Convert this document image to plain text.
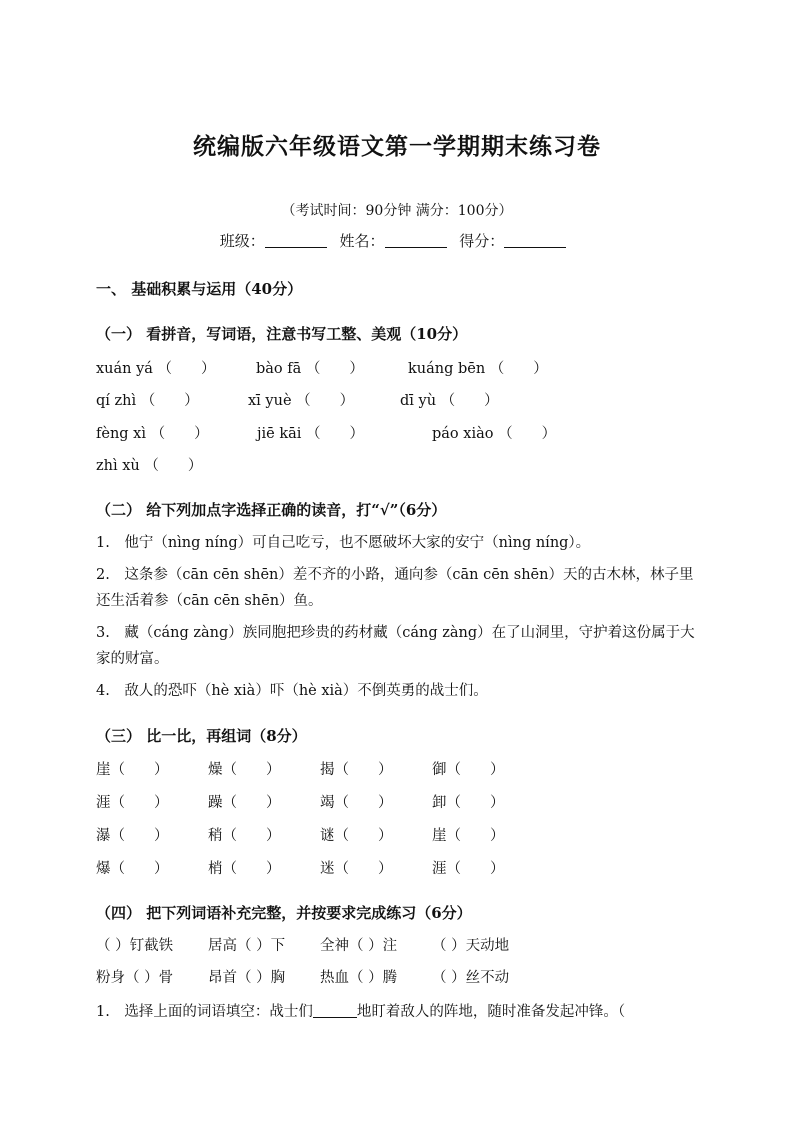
统编版六年级语文第一学期期末练习卷
（考试时间：90分钟 满分：100分）
班级：	姓名：	得分：
一、 基础积累与运用（40分）
（一） 看拼音，写词语，注意书写工整、美观（10分）
xuán yá （　　）	bào fā （　　）	kuáng bēn （　　）
qí zhì （　　）	xī yuè （　　）	dī yù （　　）
fèng xì （　　）	jiē kāi （　　）	páo xiào （　　）
zhì xù （　　）
（二） 给下列加点字选择正确的读音，打“√”（6分）
1.　他宁（nìng níng）可自己吃亏，也不愿破坏大家的安宁（nìng níng）。
2.　这条参（cān cēn shēn）差不齐的小路，通向参（cān cēn shēn）天的古木林，林子里还生活着参（cān cēn shēn）鱼。
3.　藏（cáng zàng）族同胞把珍贵的药材藏（cáng zàng）在了山洞里，守护着这份属于大家的财富。
4.　敌人的恐吓（hè xià）吓（hè xià）不倒英勇的战士们。
（三） 比一比，再组词（8分）
崖（　　）	燥（　　）	揭（　　）	御（　　）
涯（　　）	躁（　　）	竭（　　）	卸（　　）
瀑（　　）	稍（　　）	谜（　　）	崖（　　）
爆（　　）	梢（　　）	迷（　　）	涯（　　）
（四） 把下列词语补充完整，并按要求完成练习（6分）
（ ）钉截铁 居高（ ）下 全神（ ）注 （ ）天动地
粉身（ ）骨 昂首（ ）胸 热血（ ）腾 （ ）丝不动
1.　选择上面的词语填空：战士们	地盯着敌人的阵地，随时准备发起冲锋。（
